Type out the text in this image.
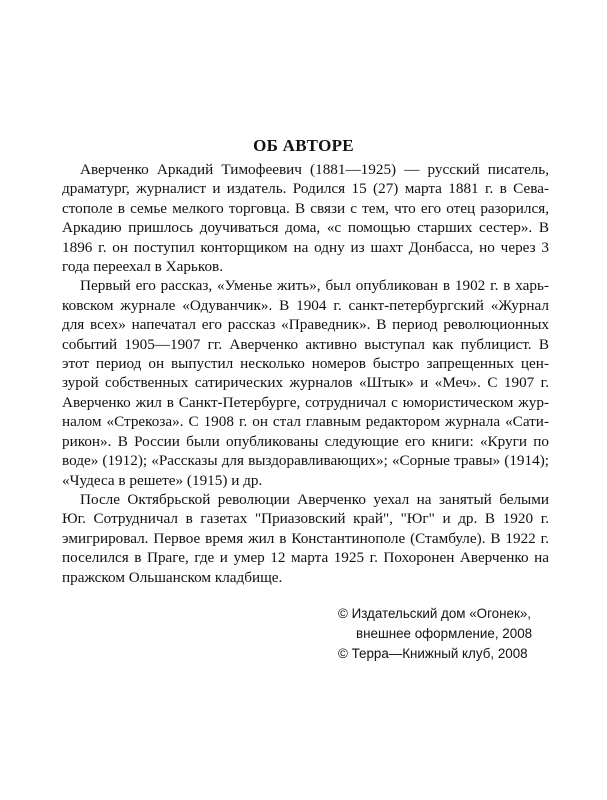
ОБ АВТОРЕ

Аверченко Аркадий Тимофеевич (1881—1925) — русский писатель, драматург, журналист и издатель. Родился 15 (27) марта 1881 г. в Севастополе в семье мелкого торговца. В связи с тем, что его отец разорился, Аркадию пришлось доучиваться дома, «с помощью старших сестер». В 1896 г. он поступил конторщиком на одну из шахт Донбасса, но через 3 года переехал в Харьков.

Первый его рассказ, «Уменье жить», был опубликован в 1902 г. в харьковском журнале «Одуванчик». В 1904 г. санкт-петербургский «Журнал для всех» напечатал его рассказ «Праведник». В период революционных событий 1905—1907 гг. Аверченко активно выступал как публицист. В этот период он выпустил несколько номеров быстро запрещенных цензурой собственных сатирических журналов «Штык» и «Меч». С 1907 г. Аверченко жил в Санкт-Петербурге, сотрудничал с юмористическом журналом «Стрекоза». С 1908 г. он стал главным редактором журнала «Сатирикон». В России были опубликованы следующие его книги: «Круги по воде» (1912); «Рассказы для выздоравливающих»; «Сорные травы» (1914); «Чудеса в решете» (1915) и др.

После Октябрьской революции Аверченко уехал на занятый белыми Юг. Сотрудничал в газетах "Приазовский край", "Юг" и др. В 1920 г. эмигрировал. Первое время жил в Константинополе (Стамбуле). В 1922 г. поселился в Праге, где и умер 12 марта 1925 г. Похоронен Аверченко на пражском Ольшанском кладбище.

© Издательский дом «Огонек»,
внешнее оформление, 2008
© Терра—Книжный клуб, 2008
